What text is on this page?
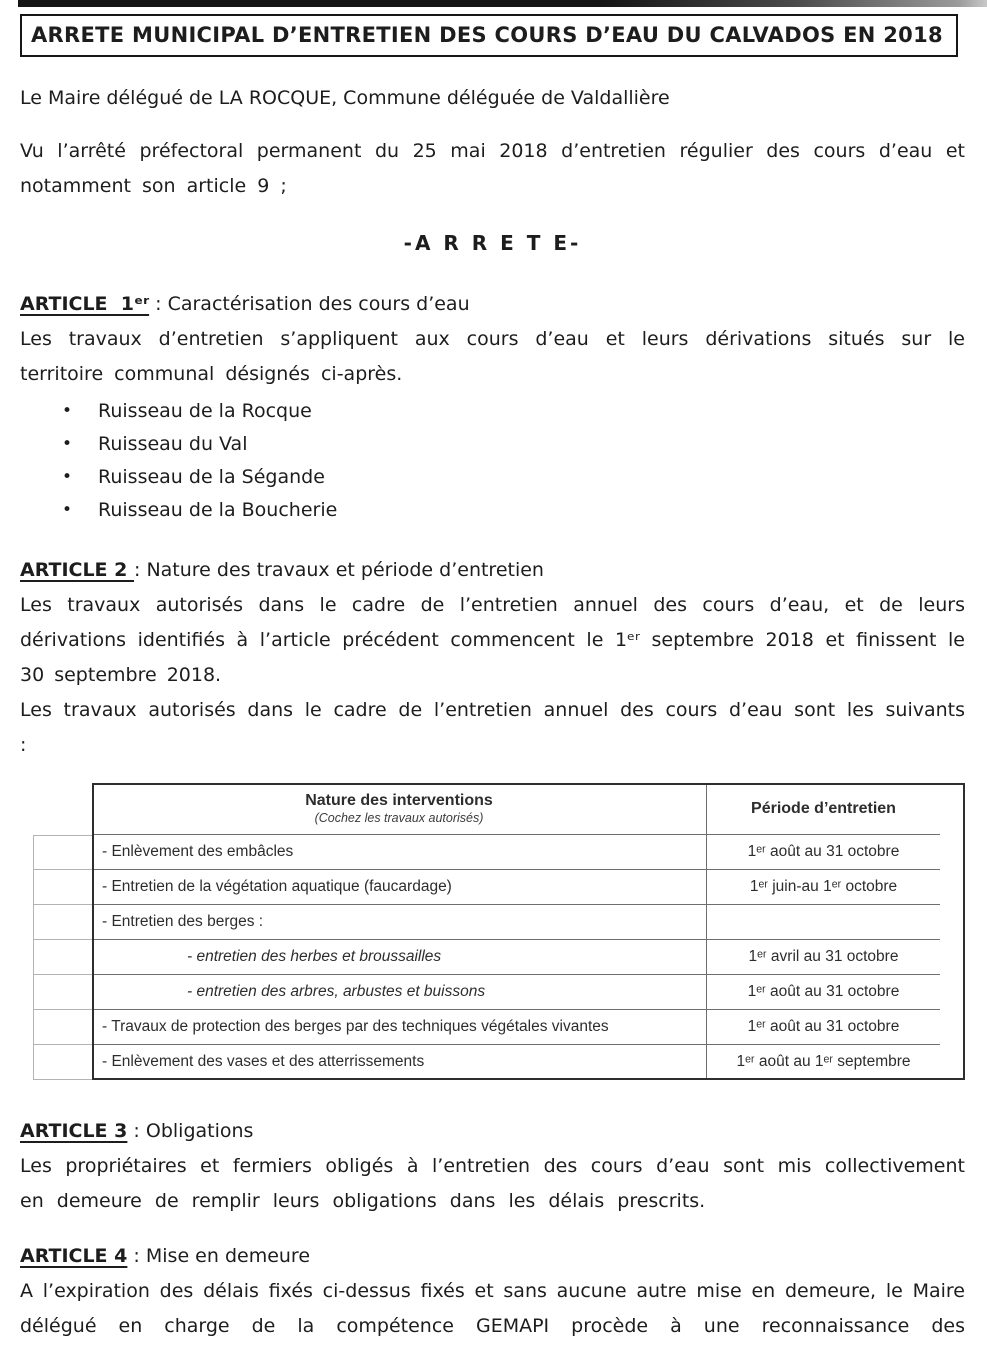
ARRETE MUNICIPAL D’ENTRETIEN DES COURS D’EAU DU CALVADOS EN 2018

Le Maire délégué de LA ROCQUE, Commune déléguée de Valdallière

Vu l’arrêté préfectoral permanent du 25 mai 2018 d’entretien régulier des cours d’eau et notamment son article 9 ;

-A R R E T E-

ARTICLE  1ᵉʳ : Caractérisation des cours d’eau

Les travaux d’entretien s’appliquent aux cours d’eau et leurs dérivations situés sur le territoire communal désignés ci-après.

•	Ruisseau de la Rocque
•	Ruisseau du Val
•	Ruisseau de la Ségande
•	Ruisseau de la Boucherie

ARTICLE 2 : Nature des travaux et période d’entretien

Les travaux autorisés dans le cadre de l’entretien annuel des cours d’eau, et de leurs dérivations identifiés à l’article précédent commencent le 1ᵉʳ septembre 2018 et finissent le 30 septembre 2018.

Les travaux autorisés dans le cadre de l’entretien annuel des cours d’eau sont les suivants :

Nature des interventions
(Cochez les travaux autorisés)
Période d’entretien
- Enlèvement des embâcles	1ᵉʳ août au 31 octobre
- Entretien de la végétation aquatique (faucardage)	1ᵉʳ juin-au 1ᵉʳ octobre
- Entretien des berges :
- entretien des herbes et broussailles	1ᵉʳ avril au 31 octobre
- entretien des arbres, arbustes et buissons	1ᵉʳ août au 31 octobre
- Travaux de protection des berges par des techniques végétales vivantes	1ᵉʳ août au 31 octobre
- Enlèvement des vases et des atterrissements	1ᵉʳ août au 1ᵉʳ septembre

ARTICLE 3 : Obligations

Les propriétaires et fermiers obligés à l’entretien des cours d’eau sont mis collectivement en demeure de remplir leurs obligations dans les délais prescrits.

ARTICLE 4 : Mise en demeure

A l’expiration des délais fixés ci-dessus fixés et sans aucune autre mise en demeure, le Maire délégué en charge de la compétence GEMAPI procède à une reconnaissance des
